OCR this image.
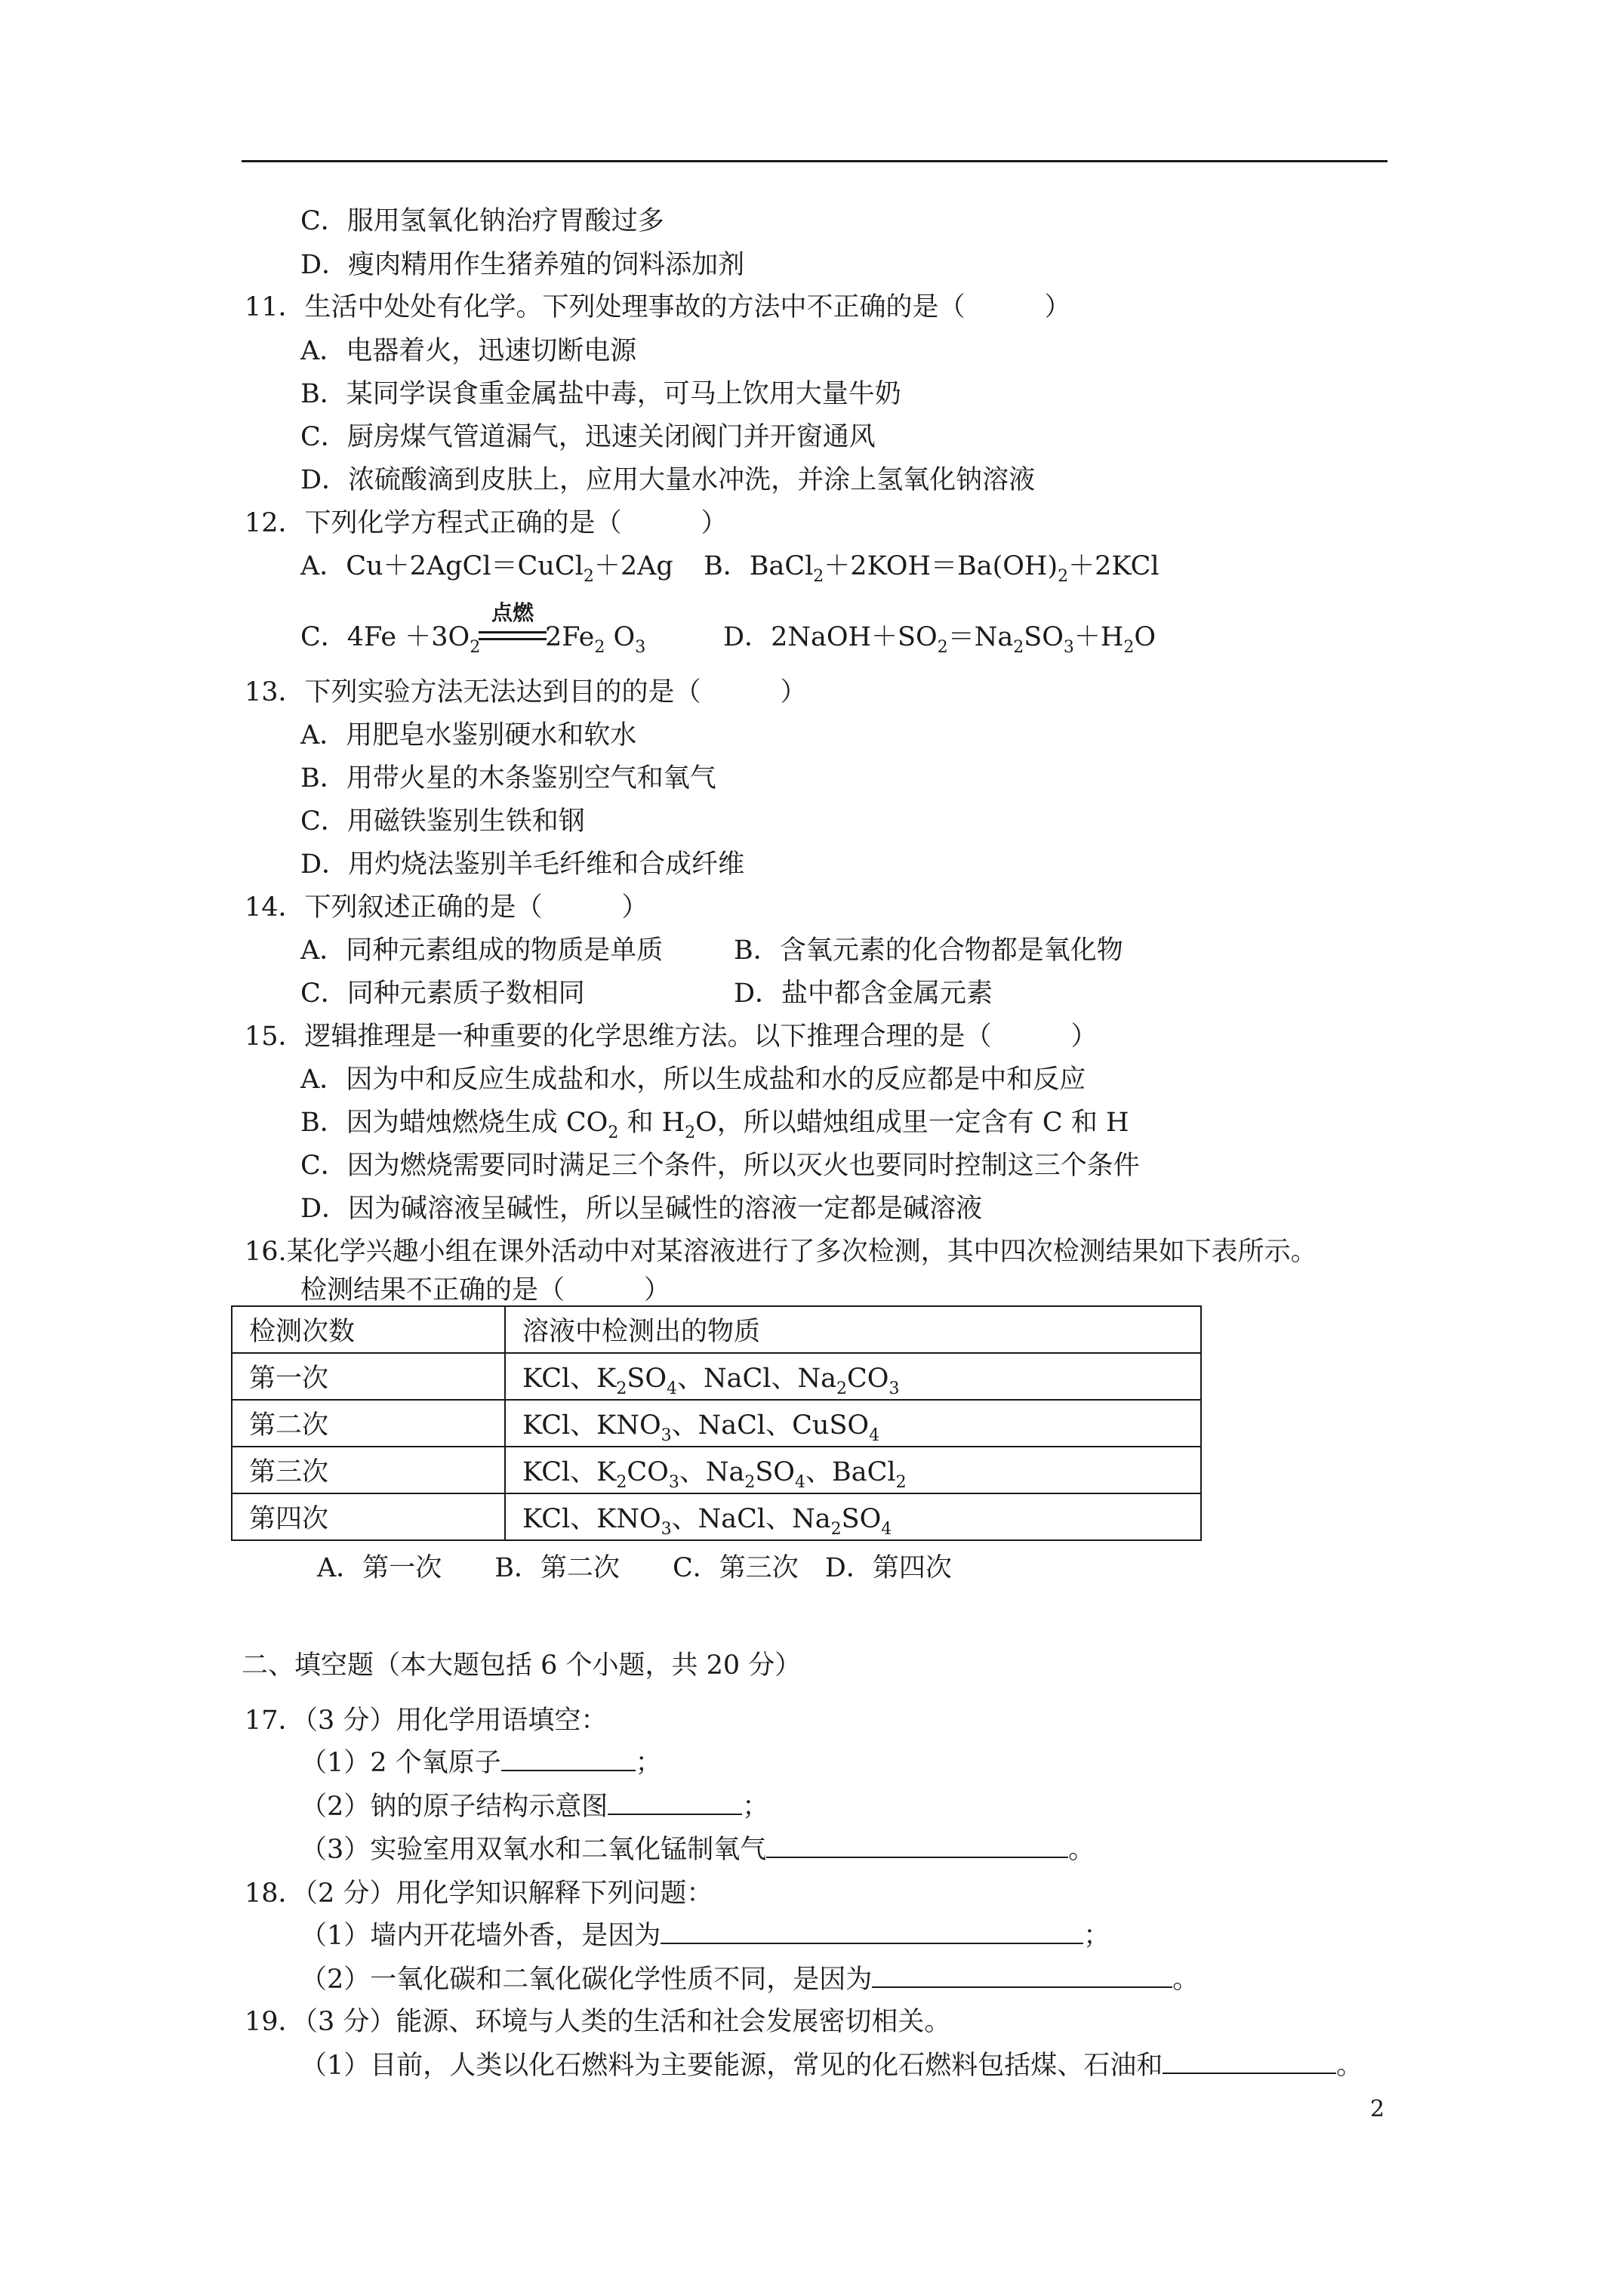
C．服用氢氧化钠治疗胃酸过多
D．瘦肉精用作生猪养殖的饲料添加剂
11．生活中处处有化学。下列处理事故的方法中不正确的是（　　　）
A．电器着火，迅速切断电源
B．某同学误食重金属盐中毒，可马上饮用大量牛奶
C．厨房煤气管道漏气，迅速关闭阀门并开窗通风
D．浓硫酸滴到皮肤上，应用大量水冲洗，并涂上氢氧化钠溶液
12．下列化学方程式正确的是（　　　）
A．Cu＋2AgCl＝CuCl$_2$＋2Ag B．$BaCl_2+2KOH=Ba(OH)_2+2KCl$
点燃
C．$4Fe +3O_2$ $2Fe_2$ $O_3$	D．$2NaOH+SO_2=Na_2SO_3+H_2O$
13．下列实验方法无法达到目的的是（　　　）
A．用肥皂水鉴别硬水和软水
B．用带火星的木条鉴别空气和氧气
C．用磁铁鉴别生铁和钢
D．用灼烧法鉴别羊毛纤维和合成纤维
14．下列叙述正确的是（　　　）
A．同种元素组成的物质是单质	B．含氧元素的化合物都是氧化物
C．同种元素质子数相同	D．盐中都含金属元素
15．逻辑推理是一种重要的化学思维方法。以下推理合理的是（　　　）
A．因为中和反应生成盐和水，所以生成盐和水的反应都是中和反应
B．因为蜡烛燃烧生成 $CO_2$ 和 $H_2O$，所以蜡烛组成里一定含有 C 和 H
C．因为燃烧需要同时满足三个条件，所以灭火也要同时控制这三个条件
D．因为碱溶液呈碱性，所以呈碱性的溶液一定都是碱溶液
16.某化学兴趣小组在课外活动中对某溶液进行了多次检测，其中四次检测结果如下表所示。
检测结果不正确的是（　　　）
检测次数	溶液中检测出的物质
第一次	KCl、$K_2SO_4$、NaCl、$Na_2CO_3$
第二次	KCl、$KNO_3$、NaCl、CuSO$_4$
第三次	KCl、$K_2CO_3$、$Na_2SO_4$、BaCl$_2$
第四次	KCl、$KNO_3$、NaCl、$Na_2SO_4$
A．第一次　　B．第二次　　C．第三次　D．第四次
二、填空题（本大题包括 6 个小题，共 20 分）
17．（3 分）用化学用语填空：
（1）2 个氧原子	；
（2）钠的原子结构示意图	；
（3）实验室用双氧水和二氧化锰制氧气	。
18．（2 分）用化学知识解释下列问题：
（1）墙内开花墙外香，是因为	；
（2）一氧化碳和二氧化碳化学性质不同，是因为	。
19．（3 分）能源、环境与人类的生活和社会发展密切相关。
（1）目前，人类以化石燃料为主要能源，常见的化石燃料包括煤、石油和	。
2
